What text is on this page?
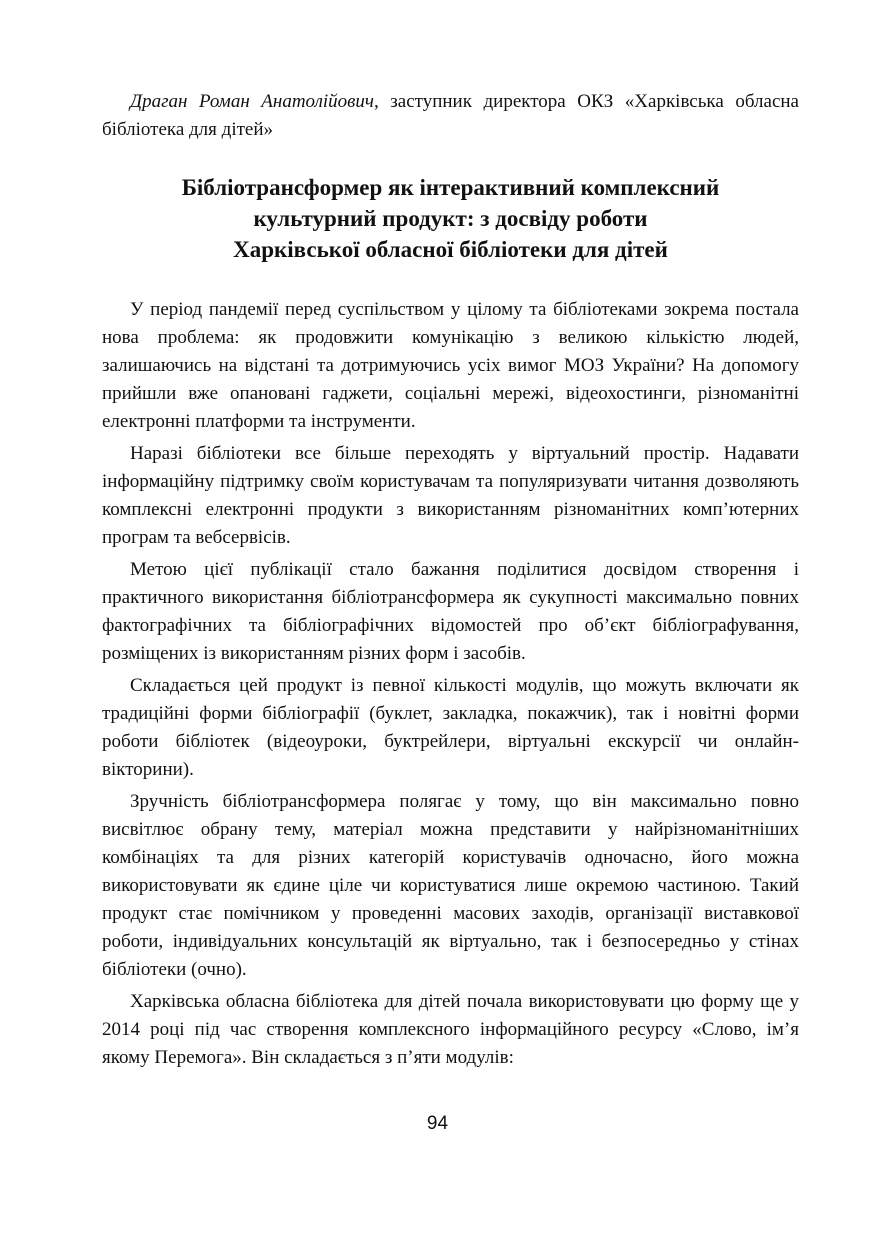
Драган Роман Анатолійович, заступник директора ОКЗ «Харківська обласна бібліотека для дітей»

Бібліотрансформер як інтерактивний комплексний
культурний продукт: з досвіду роботи
Харківської обласної бібліотеки для дітей

У період пандемії перед суспільством у цілому та бібліотеками зокрема постала нова проблема: як продовжити комунікацію з великою кількістю людей, залишаючись на відстані та дотримуючись усіх вимог МОЗ України? На допомогу прийшли вже опановані гаджети, соціальні мережі, відеохостинги, різноманітні електронні платформи та інструменти.

Наразі бібліотеки все більше переходять у віртуальний простір. Надавати інформаційну підтримку своїм користувачам та популяризувати читання дозволяють комплексні електронні продукти з використанням різноманітних комп’ютерних програм та вебсервісів.

Метою цієї публікації стало бажання поділитися досвідом створення і практичного використання бібліотрансформера як сукупності максимально повних фактографічних та бібліографічних відомостей про об’єкт бібліографування, розміщених із використанням різних форм і засобів.

Складається цей продукт із певної кількості модулів, що можуть включати як традиційні форми бібліографії (буклет, закладка, покажчик), так і новітні форми роботи бібліотек (відеоуроки, буктрейлери, віртуальні екскурсії чи онлайн-вікторини).

Зручність бібліотрансформера полягає у тому, що він максимально повно висвітлює обрану тему, матеріал можна представити у найрізноманітніших комбінаціях та для різних категорій користувачів одночасно, його можна використовувати як єдине ціле чи користуватися лише окремою частиною. Такий продукт стає помічником у проведенні масових заходів, організації виставкової роботи, індивідуальних консультацій як віртуально, так і безпосередньо у стінах бібліотеки (очно).

Харківська обласна бібліотека для дітей почала використовувати цю форму ще у 2014 році під час створення комплексного інформаційного ресурсу «Слово, ім’я якому Перемога». Він складається з п’яти модулів:

94
